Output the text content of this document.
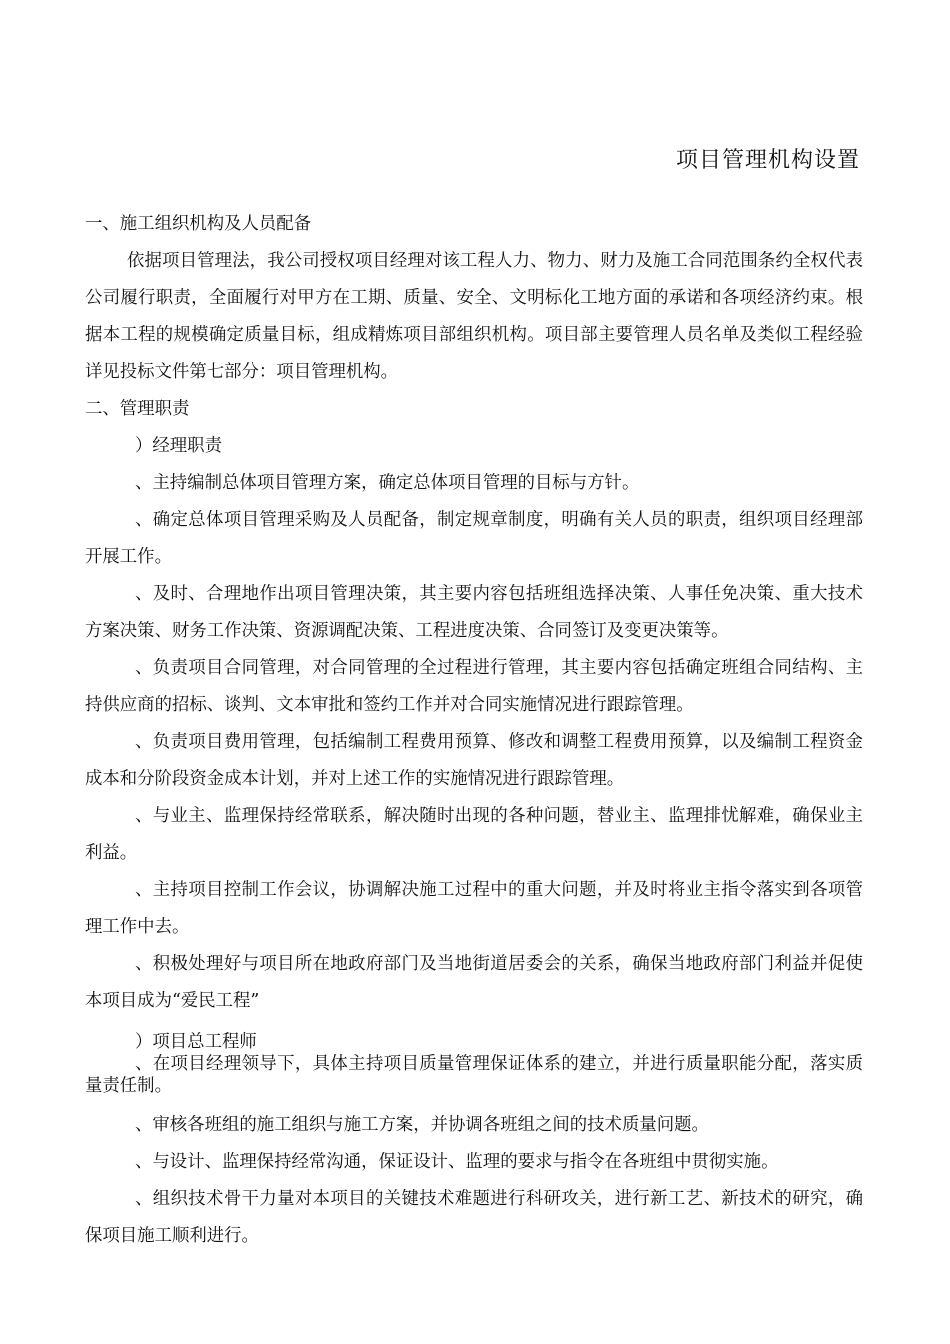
项目管理机构设置

一、施工组织机构及人员配备

依据项目管理法，我公司授权项目经理对该工程人力、物力、财力及施工合同范围条约全权代表公司履行职责，全面履行对甲方在工期、质量、安全、文明标化工地方面的承诺和各项经济约束。根据本工程的规模确定质量目标，组成精炼项目部组织机构。项目部主要管理人员名单及类似工程经验详见投标文件第七部分：项目管理机构。

二、管理职责

）经理职责

、主持编制总体项目管理方案，确定总体项目管理的目标与方针。

、确定总体项目管理采购及人员配备，制定规章制度，明确有关人员的职责，组织项目经理部开展工作。

、及时、合理地作出项目管理决策，其主要内容包括班组选择决策、人事任免决策、重大技术方案决策、财务工作决策、资源调配决策、工程进度决策、合同签订及变更决策等。

、负责项目合同管理，对合同管理的全过程进行管理，其主要内容包括确定班组合同结构、主持供应商的招标、谈判、文本审批和签约工作并对合同实施情况进行跟踪管理。

、负责项目费用管理，包括编制工程费用预算、修改和调整工程费用预算，以及编制工程资金成本和分阶段资金成本计划，并对上述工作的实施情况进行跟踪管理。

、与业主、监理保持经常联系，解决随时出现的各种问题，替业主、监理排忧解难，确保业主利益。

、主持项目控制工作会议，协调解决施工过程中的重大问题，并及时将业主指令落实到各项管理工作中去。

、积极处理好与项目所在地政府部门及当地街道居委会的关系，确保当地政府部门利益并促使本项目成为“爱民工程”

）项目总工程师

、在项目经理领导下，具体主持项目质量管理保证体系的建立，并进行质量职能分配，落实质量责任制。

、审核各班组的施工组织与施工方案，并协调各班组之间的技术质量问题。

、与设计、监理保持经常沟通，保证设计、监理的要求与指令在各班组中贯彻实施。

、组织技术骨干力量对本项目的关键技术难题进行科研攻关，进行新工艺、新技术的研究，确保项目施工顺利进行。
